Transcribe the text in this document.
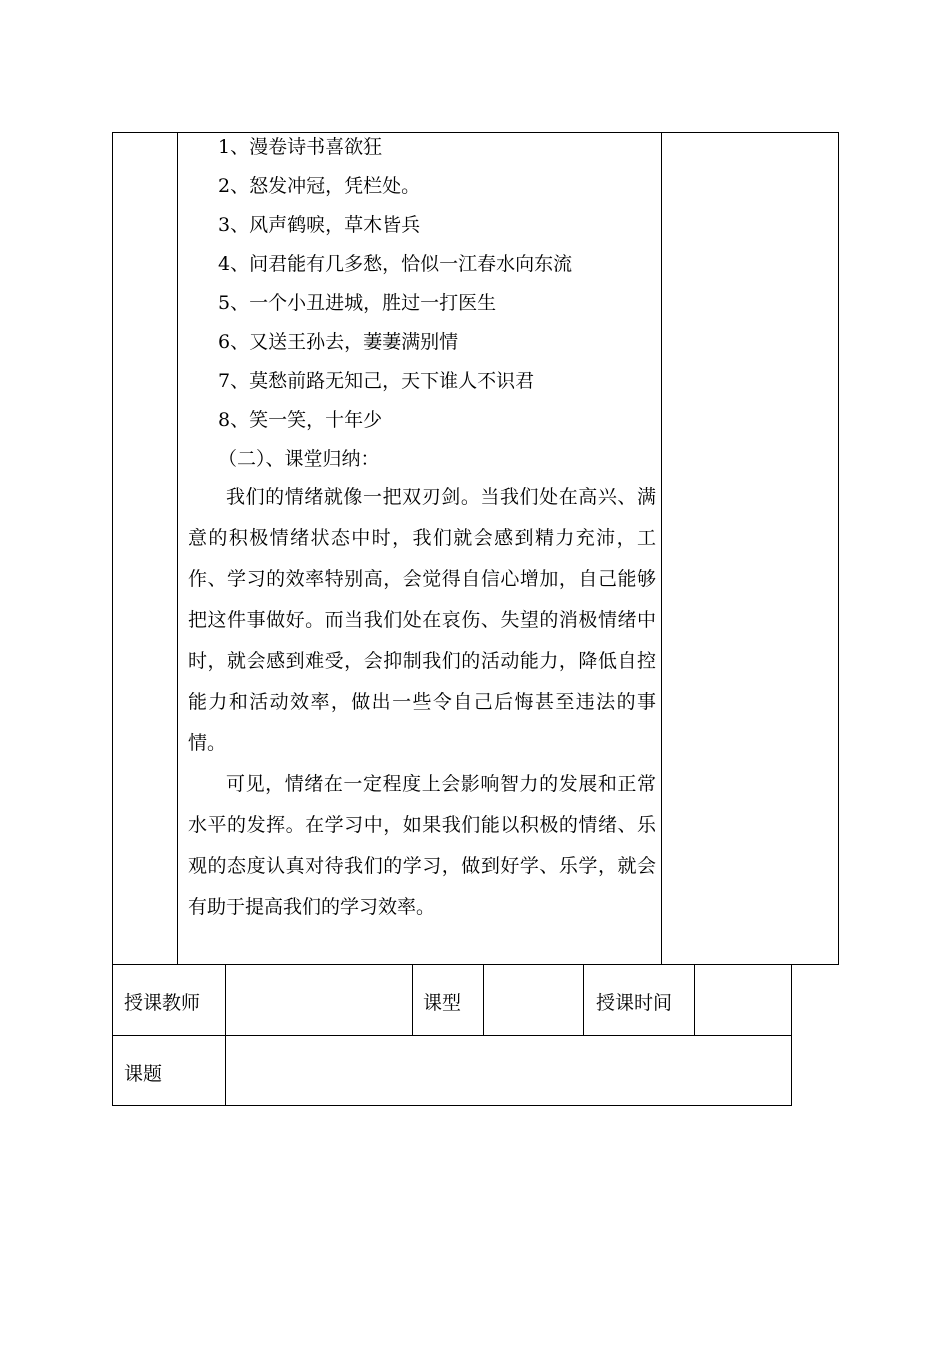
1、漫卷诗书喜欲狂
2、怒发冲冠，凭栏处。
3、风声鹤唳，草木皆兵
4、问君能有几多愁，恰似一江春水向东流
5、一个小丑进城，胜过一打医生
6、又送王孙去，萋萋满别情
7、莫愁前路无知己，天下谁人不识君
8、笑一笑，十年少
（二）、课堂归纳：
我们的情绪就像一把双刃剑。当我们处在高兴、满意的积极情绪状态中时，我们就会感到精力充沛，工作、学习的效率特别高，会觉得自信心增加，自己能够把这件事做好。而当我们处在哀伤、失望的消极情绪中时，就会感到难受，会抑制我们的活动能力，降低自控能力和活动效率，做出一些令自己后悔甚至违法的事情。
可见，情绪在一定程度上会影响智力的发展和正常水平的发挥。在学习中，如果我们能以积极的情绪、乐观的态度认真对待我们的学习，做到好学、乐学，就会有助于提高我们的学习效率。
授课教师	课型	授课时间
课题
